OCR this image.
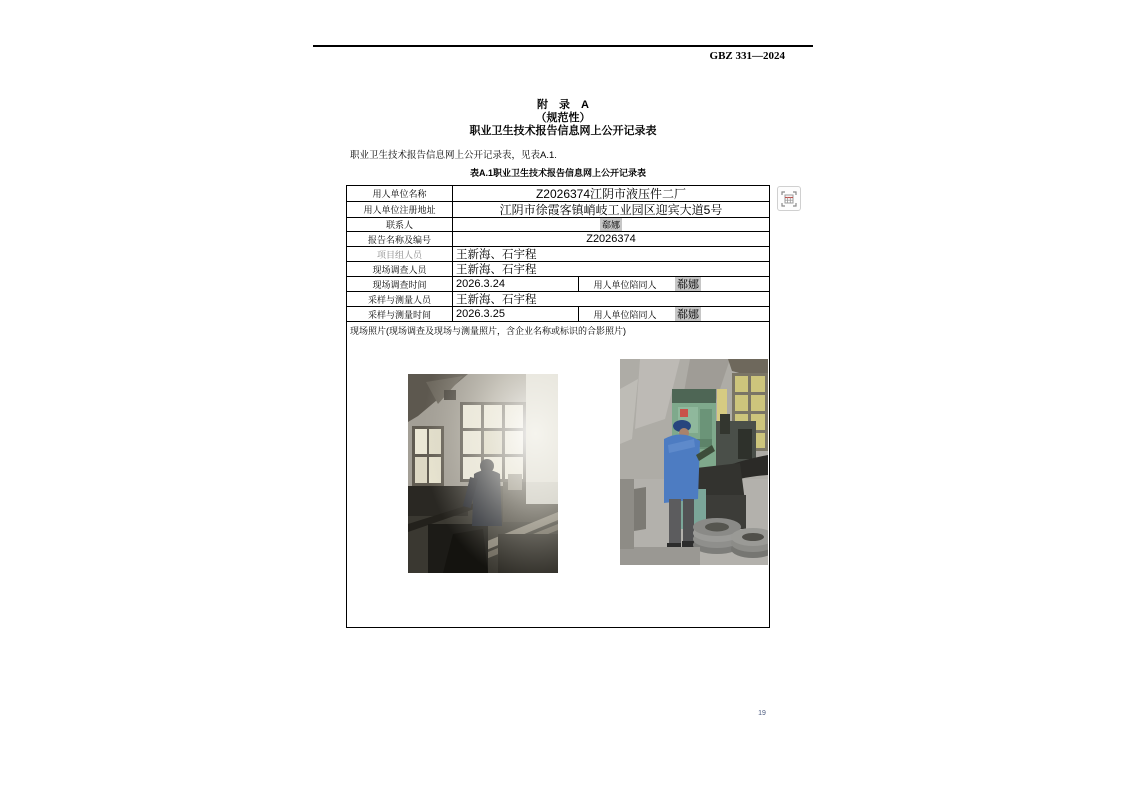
GBZ 331—2024
附　录　A
（规范性）
职业卫生技术报告信息网上公开记录表
职业卫生技术报告信息网上公开记录表，见表A.1.
表A.1职业卫生技术报告信息网上公开记录表
用人单位名称	Z2026374江阴市液压件二厂
用人单位注册地址	江阴市徐霞客镇峭岐工业园区迎宾大道5号
联系人	郗娜
报告名称及编号	Z2026374
项目组人员	王新海、石宇程
现场调查人员	王新海、石宇程
现场调查时间	2026.3.24	用人单位陪同人	郗娜
采样与测量人员	王新海、石宇程
采样与测量时间	2026.3.25	用人单位陪同人	郗娜
现场照片(现场调查及现场与测量照片，含企业名称或标识的合影照片)
19
